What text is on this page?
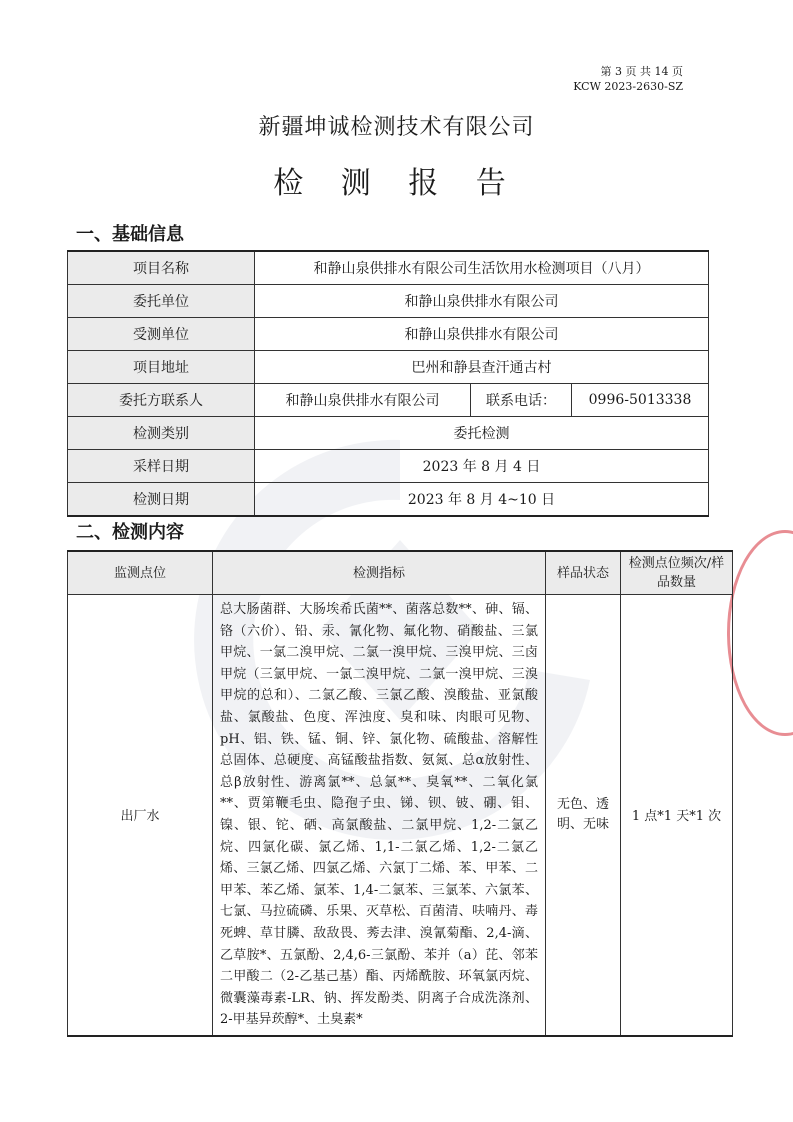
第 3 页 共 14 页
KCW 2023-2630-SZ
新疆坤诚检测技术有限公司
检 测 报 告
一、基础信息
项目名称	和静山泉供排水有限公司生活饮用水检测项目（八月）		
委托单位	和静山泉供排水有限公司		
受测单位	和静山泉供排水有限公司		
项目地址	巴州和静县查汗通古村		
委托方联系人	和静山泉供排水有限公司	联系电话：	0996-5013338
检测类别	委托检测		
采样日期	2023 年 8 月 4 日		
检测日期	2023 年 8 月 4~10 日		
二、检测内容
监测点位	检测指标	样品状态	检测点位频次/样品数量
出厂水	总大肠菌群、大肠埃希氏菌**、菌落总数**、砷、镉、铬（六价）、铅、汞、氰化物、氟化物、硝酸盐、三氯甲烷、一氯二溴甲烷、二氯一溴甲烷、三溴甲烷、三卤甲烷（三氯甲烷、一氯二溴甲烷、二氯一溴甲烷、三溴甲烷的总和）、二氯乙酸、三氯乙酸、溴酸盐、亚氯酸盐、氯酸盐、色度、浑浊度、臭和味、肉眼可见物、pH、铝、铁、锰、铜、锌、氯化物、硫酸盐、溶解性总固体、总硬度、高锰酸盐指数、氨氮、总α放射性、总β放射性、游离氯**、总氯**、臭氧**、二氧化氯**、贾第鞭毛虫、隐孢子虫、锑、钡、铍、硼、钼、镍、银、铊、硒、高氯酸盐、二氯甲烷、1,2-二氯乙烷、四氯化碳、氯乙烯、1,1-二氯乙烯、1,2-二氯乙烯、三氯乙烯、四氯乙烯、六氯丁二烯、苯、甲苯、二甲苯、苯乙烯、氯苯、1,4-二氯苯、三氯苯、六氯苯、七氯、马拉硫磷、乐果、灭草松、百菌清、呋喃丹、毒死蜱、草甘膦、敌敌畏、莠去津、溴氰菊酯、2,4-滴、乙草胺*、五氯酚、2,4,6-三氯酚、苯并（a）芘、邻苯二甲酸二（2-乙基己基）酯、丙烯酰胺、环氧氯丙烷、微囊藻毒素-LR、钠、挥发酚类、阴离子合成洗涤剂、2-甲基异莰醇*、土臭素*	无色、透明、无味	1 点*1 天*1 次
